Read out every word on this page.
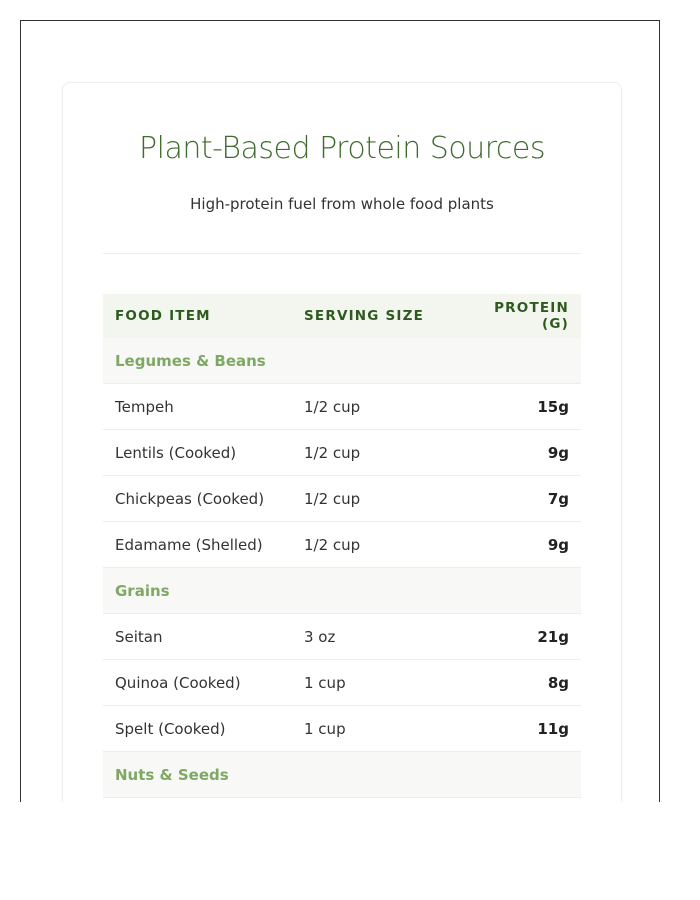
Plant-Based Protein Sources

High-protein fuel from whole food plants

FOOD ITEM	SERVING SIZE	PROTEIN (G)
Legumes & Beans		
Tempeh	1/2 cup	15g
Lentils (Cooked)	1/2 cup	9g
Chickpeas (Cooked)	1/2 cup	7g
Edamame (Shelled)	1/2 cup	9g
Grains		
Seitan	3 oz	21g
Quinoa (Cooked)	1 cup	8g
Spelt (Cooked)	1 cup	11g
Nuts & Seeds		
